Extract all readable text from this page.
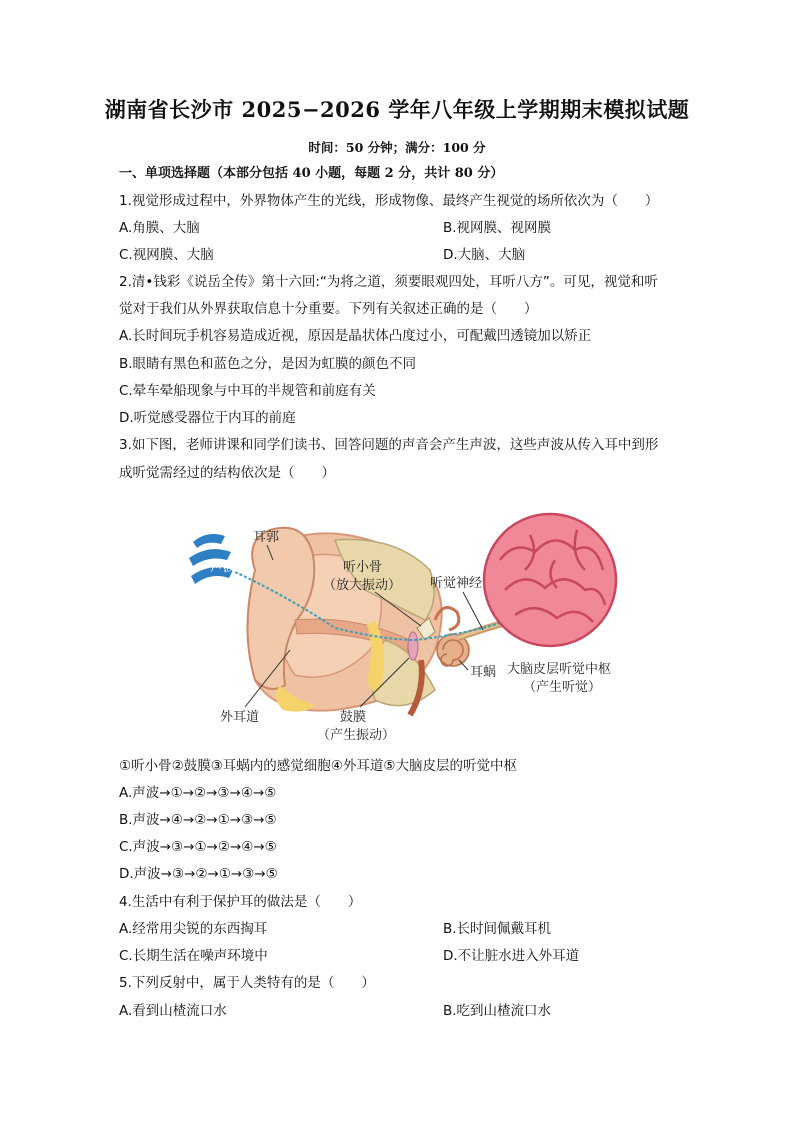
湖南省长沙市 2025−2026 学年八年级上学期期末模拟试题
时间：50 分钟；满分：100 分
一、单项选择题（本部分包括 40 小题，每题 2 分，共计 80 分）
1.视觉形成过程中，外界物体产生的光线，形成物像、最终产生视觉的场所依次为（　　）
A.角膜、大脑	B.视网膜、视网膜
C.视网膜、大脑	D.大脑、大脑
2.清•钱彩《说岳全传》第十六回:“为将之道，须要眼观四处，耳听八方”。可见，视觉和听
觉对于我们从外界获取信息十分重要。下列有关叙述正确的是（　　）
A.长时间玩手机容易造成近视，原因是晶状体凸度过小，可配戴凹透镜加以矫正
B.眼睛有黑色和蓝色之分，是因为虹膜的颜色不同
C.晕车晕船现象与中耳的半规管和前庭有关
D.听觉感受器位于内耳的前庭
3.如下图，老师讲课和同学们读书、回答问题的声音会产生声波，这些声波从传入耳中到形
成听觉需经过的结构依次是（　　）
声波
耳郭
听小骨
（放大振动） 听觉神经
耳蜗 大脑皮层听觉中枢
（产生听觉）
外耳道	鼓膜
（产生振动）
①听小骨②鼓膜③耳蜗内的感觉细胞④外耳道⑤大脑皮层的听觉中枢
A.声波→①→②→③→④→⑤
B.声波→④→②→①→③→⑤
C.声波→③→①→②→④→⑤
D.声波→③→②→①→③→⑤
4.生活中有利于保护耳的做法是（　　）
A.经常用尖锐的东西掏耳	B.长时间佩戴耳机
C.长期生活在噪声环境中	D.不让脏水进入外耳道
5.下列反射中，属于人类特有的是（　　）
A.看到山楂流口水	B.吃到山楂流口水
